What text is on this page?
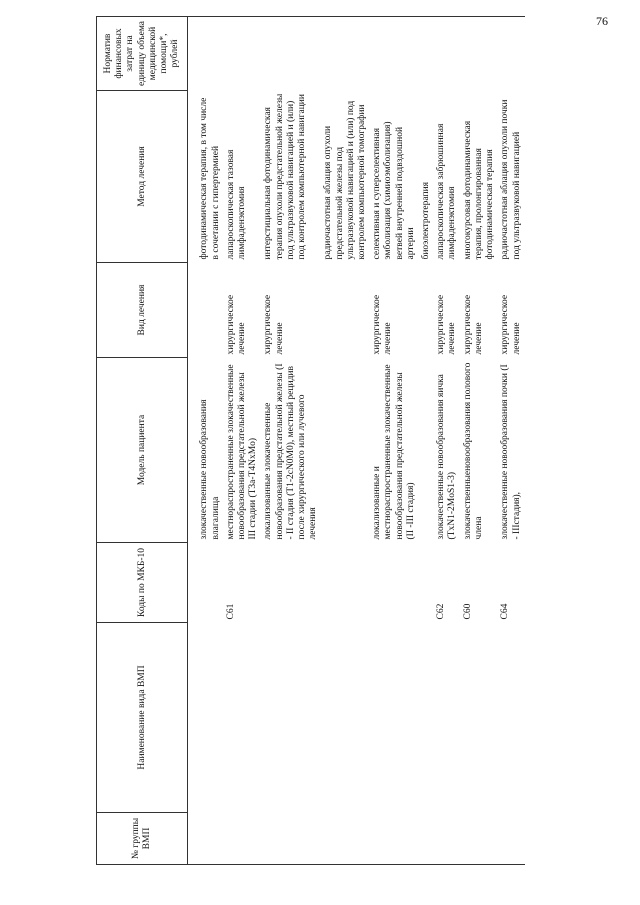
76
№ группы ВМП	Наименование вида ВМП	Коды по МКБ-10	Модель пациента	Вид лечения	Метод лечения	Норматив финансовых затрат на единицу объема медицинской помощи*, рублей

			злокачественные новообразования влагалища		фотодинамическая терапия, в том числе в сочетании с гипертермией	
		С61	местнораспространенные злокачественные новообразования предстательной железы III стадии (T3a-T4NxMo)	хирургическое лечение	лапароскопическая тазовая лимфаденэктомия	
			локализованные злокачественные новообразования предстательной железы (I - II стадия (T1-2cN0M0), местный рецидив после хирургического или лучевого лечения	хирургическое лечение	интерстициальная фотодинамическая терапия опухоли предстательной железы под ультразвуковой навигацией и (или) под контролем компьютерной навигации	
					радиочастотная аблация опухоли предстательной железы под ультразвуковой навигацией и (или) под контролем компьютерной томографии	
			локализованные и местнораспространенные злокачественные новообразования предстательной железы (II -III стадия)	хирургическое лечение	селективная и суперселективная эмболизация (химиоэмболизация) ветвей внутренней подвздошной артерии	
					биоэлектротерапия	
		С62	злокачественные новообразования яичка (TxN1-2MoS1-3)	хирургическое лечение	лапароскопическая забрюшинная лимфаденэктомия	
		С60	злокачественныеновообразования полового члена	хирургическое лечение	многокурсовая фотодинамическая терапия, пролонгированная фотодинамическая терапия	
		С64	злокачественные новообразования почки (I - IIIстадия),	хирургическое лечение	радиочастотная аблация опухоли почки под ультразвуковой навигацией	
